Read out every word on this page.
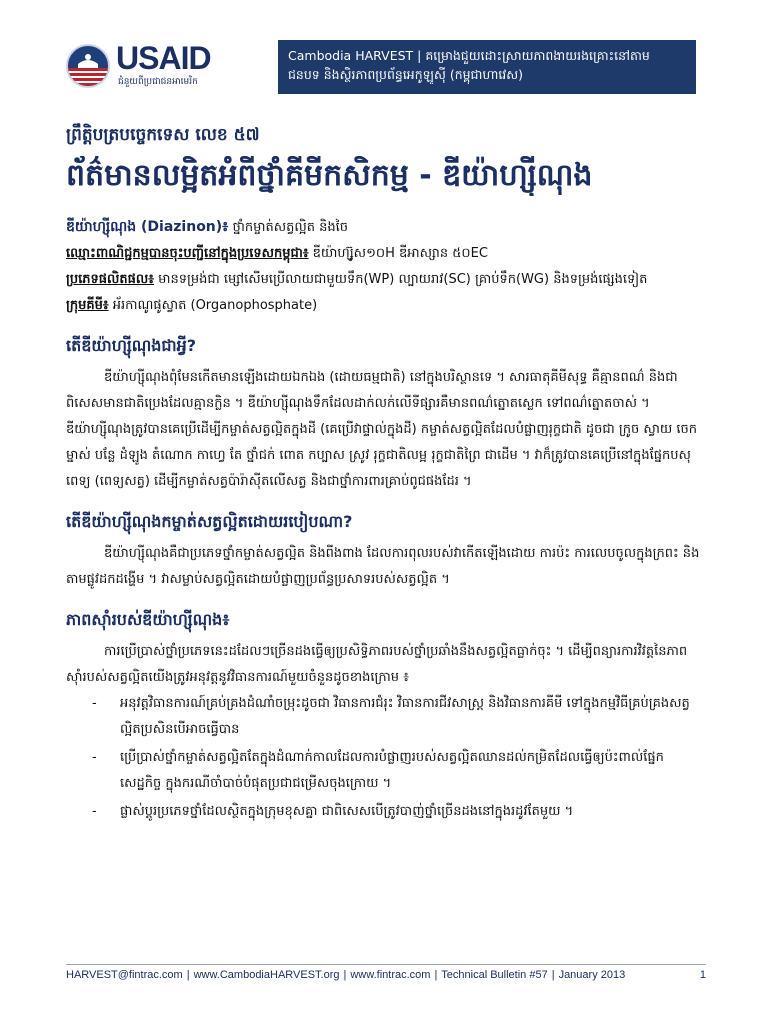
USAID
ជំនួយពីប្រជាជនអាមេរិក
Cambodia HARVEST | គម្រោងជួយដោះស្រាយភាពងាយរងគ្រោះនៅតាម
ជនបទ និងស្ថិរភាពប្រព័ន្ធអេកូឡូស៊ី (កម្ពុជាហាវេស)
ព្រឹត្តិបត្របច្ចេកទេស លេខ ៥៧
ព័ត៌មានលម្អិតអំពីថ្នាំគីមីកសិកម្ម - ឌីយ៉ាហ្ស៊ីណុង

ឌីយ៉ាហ្ស៊ីណុង (Diazinon)៖ ថ្នាំកម្ចាត់សត្វល្អិត និងចៃ

ឈ្មោះពាណិជ្ជកម្មបានចុះបញ្ជីនៅក្នុងប្រទេសកម្ពុជា៖ ឌីយ៉ាហ្ស៊ូស១០H ឌីអាស្សាន ៥០EC

ប្រភេទផលិតផល៖ មានទម្រង់ជា ម្សៅសើមប្រើលាយជាមួយទឹក(WP) ល្បាយរាវ(SC) គ្រាប់ទឹក(WG) និងទម្រង់ផ្សេងទៀត

ក្រុមគីមី៖ អ័រកាណូផូស្វាត (Organophosphate)

តើឌីយ៉ាហ្ស៊ីណុងជាអ្វី?

ឌីយ៉ាហ្ស៊ីណុងពុំមែនកើតមានឡើងដោយឯកឯង (ដោយធម្មជាតិ) នៅក្នុងបរិស្ថានទេ ។ សារធាតុគីមីសុទ្ធ គឺគ្មានពណ៌ និងជាពិសេសមានជាតិប្រេងដែលគ្មានក្លិន ។ ឌីយ៉ាហ្ស៊ីណុងទឹកដែលដាក់លក់លើទីផ្សារគឺមានពណ៌ត្នោតស្លេក ទៅពណ៌ត្នោតចាស់ ។ ឌីយ៉ាហ្ស៊ីណុងត្រូវបានគេប្រើដើម្បីកម្ចាត់សត្វល្អិតក្នុងដី (គេប្រើវាផ្ទាល់ក្នុងដី) កម្ចាត់សត្វល្អិតដែលបំផ្លាញរុក្ខជាតិ ដូចជា ក្រូច ស្វាយ ចេក ម្នាស់ បន្លែ ដំឡូង តំណោក កាហ្វេ តែ ថ្នាំជក់ ពោត កប្បាស ស្រូវ រុក្ខជាតិលម្អ រុក្ខជាតិព្រៃ ជាដើម ។ វាក៏ត្រូវបានគេប្រើនៅក្នុងផ្នែកបសុពេទ្យ (ពេទ្យសត្វ) ដើម្បីកម្ចាត់សត្វប៉ារ៉ាស៊ីតលើសត្វ និងជាថ្នាំការពារគ្រាប់ពូជផងដែរ ។

តើឌីយ៉ាហ្ស៊ីណុងកម្ចាត់សត្វល្អិតដោយរបៀបណា?

ឌីយ៉ាហ្ស៊ីណុងគឺជាប្រភេទថ្នាំកម្ចាត់សត្វល្អិត និងពីងពាង ដែលការពុលរបស់វាកើតឡើងដោយ ការប៉ះ ការលេបចូលក្នុងក្រពះ និងតាមផ្លូវដកដង្ហើម ។ វាសម្លាប់សត្វល្អិតដោយបំផ្លាញប្រព័ន្ធប្រសាទរបស់សត្វល្អិត ។

ភាពស៊ាំរបស់ឌីយ៉ាហ្ស៊ីណុង៖

ការប្រើប្រាស់ថ្នាំប្រភេទនេះដដែលៗច្រើនដងធ្វើឲ្យប្រសិទ្ធិភាពរបស់ថ្នាំប្រឆាំងនឹងសត្វល្អិតធ្លាក់ចុះ ។ ដើម្បីពន្យារការវិវត្តនៃភាពស៊ាំរបស់សត្វល្អិតយើងត្រូវអនុវត្តនូវវិធានការណ៍មួយចំនួនដូចខាងក្រោម ៖

- អនុវត្តវិធានការណ៍គ្រប់គ្រងដំណាំចម្រុះដូចជា វិធានការជំរុះ វិធានការជីវសាស្ត្រ និងវិធានការគីមី ទៅក្នុងកម្មវិធីគ្រប់គ្រងសត្វល្អិតប្រសិនបើអាចធ្វើបាន
- ប្រើប្រាស់ថ្នាំកម្ចាត់សត្វល្អិតតែក្នុងដំណាក់កាលដែលការបំផ្លាញរបស់សត្វល្អិតឈានដល់កម្រិតដែលធ្វើឲ្យប៉ះពាល់ផ្នែកសេដ្ឋកិច្ច ក្នុងករណីចាំបាច់បំផុតប្រជាជម្រើសចុងក្រោយ ។
- ផ្លាស់ប្តូរប្រភេទថ្នាំដែលស្ថិតក្នុងក្រុមខុសគ្នា ជាពិសេសបើត្រូវបាញ់ថ្នាំច្រើនដងនៅក្នុងរដូវតែមួយ ។
HARVEST@fintrac.com | www.CambodiaHARVEST.org | www.fintrac.com | Technical Bulletin #57 | January 2013	1
